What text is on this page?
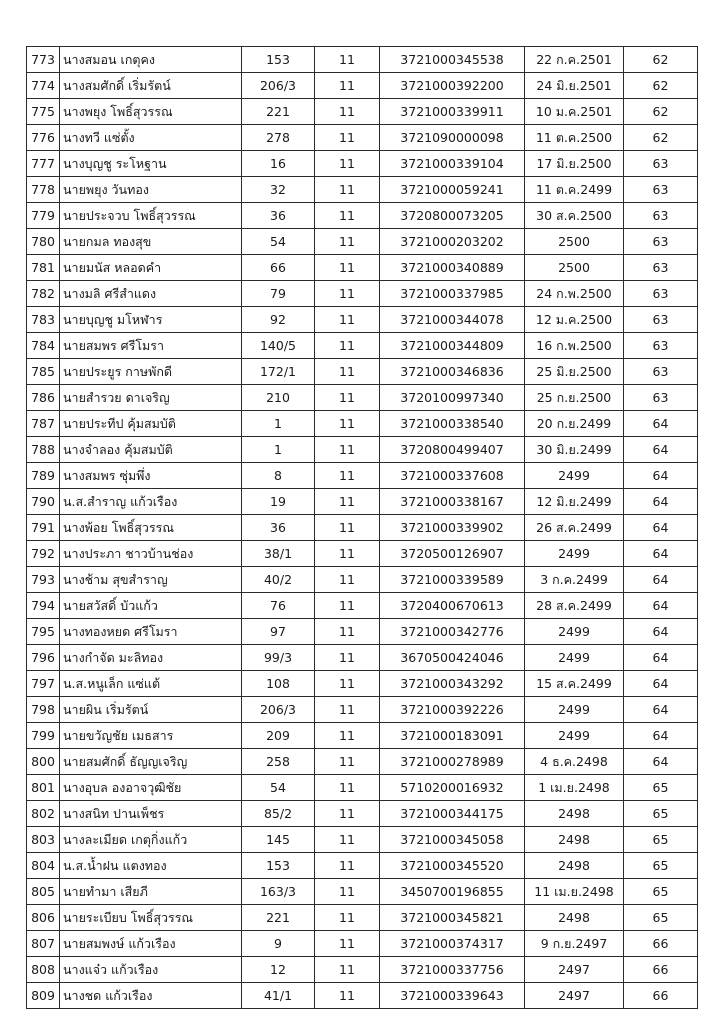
773	นางสมอน เกตุคง	153	11	3721000345538	22 ก.ค.2501	62
774	นางสมศักดิ์ เริ่มรัตน์	206/3	11	3721000392200	24 มิ.ย.2501	62
775	นางพยุง โพธิ์สุวรรณ	221	11	3721000339911	10 ม.ค.2501	62
776	นางทวี แซ่ตั้ง	278	11	3721090000098	11 ต.ค.2500	62
777	นางบุญชู ระโหฐาน	16	11	3721000339104	17 มิ.ย.2500	63
778	นายพยุง วันทอง	32	11	3721000059241	11 ต.ค.2499	63
779	นายประจวบ โพธิ์สุวรรณ	36	11	3720800073205	30 ส.ค.2500	63
780	นายกมล ทองสุข	54	11	3721000203202	2500	63
781	นายมนัส หลอดคำ	66	11	3721000340889	2500	63
782	นางมลิ ศรีสำแดง	79	11	3721000337985	24 ก.พ.2500	63
783	นายบุญชู มโหฬาร	92	11	3721000344078	12 ม.ค.2500	63
784	นายสมพร ศรีโมรา	140/5	11	3721000344809	16 ก.พ.2500	63
785	นายประยูร กาษพักดี	172/1	11	3721000346836	25 มิ.ย.2500	63
786	นายสำรวย ดาเจริญ	210	11	3720100997340	25 ก.ย.2500	63
787	นายประทีป คุ้มสมบัติ	1	11	3721000338540	20 ก.ย.2499	64
788	นางจำลอง คุ้มสมบัติ	1	11	3720800499407	30 มิ.ย.2499	64
789	นางสมพร ซุ่มพึ่ง	8	11	3721000337608	2499	64
790	น.ส.สำราญ แก้วเรือง	19	11	3721000338167	12 มิ.ย.2499	64
791	นางพ้อย โพธิ์สุวรรณ	36	11	3721000339902	26 ส.ค.2499	64
792	นางประภา ชาวบ้านช่อง	38/1	11	3720500126907	2499	64
793	นางช้าม สุขสำราญ	40/2	11	3721000339589	3 ก.ค.2499	64
794	นายสวัสดิ์ บัวแก้ว	76	11	3720400670613	28 ส.ค.2499	64
795	นางทองหยด ศรีโมรา	97	11	3721000342776	2499	64
796	นางกำจัด มะลิทอง	99/3	11	3670500424046	2499	64
797	น.ส.หนูเล็ก แซ่แต้	108	11	3721000343292	15 ส.ค.2499	64
798	นายผิน เริ่มรัตน์	206/3	11	3721000392226	2499	64
799	นายขวัญชัย เมธสาร	209	11	3721000183091	2499	64
800	นายสมศักดิ์ ธัญญเจริญ	258	11	3721000278989	4 ธ.ค.2498	64
801	นางอุบล องอาจวุฒิชัย	54	11	5710200016932	1 เม.ย.2498	65
802	นางสนิท ปานเพ็ชร	85/2	11	3721000344175	2498	65
803	นางละเมียด เกตุกิ่งแก้ว	145	11	3721000345058	2498	65
804	น.ส.น้ำฝน แตงทอง	153	11	3721000345520	2498	65
805	นายทำมา เสียภี	163/3	11	3450700196855	11 เม.ย.2498	65
806	นายระเบียบ โพธิ์สุวรรณ	221	11	3721000345821	2498	65
807	นายสมพงษ์ แก้วเรือง	9	11	3721000374317	9 ก.ย.2497	66
808	นางแจ๋ว แก้วเรือง	12	11	3721000337756	2497	66
809	นางชด แก้วเรือง	41/1	11	3721000339643	2497	66
